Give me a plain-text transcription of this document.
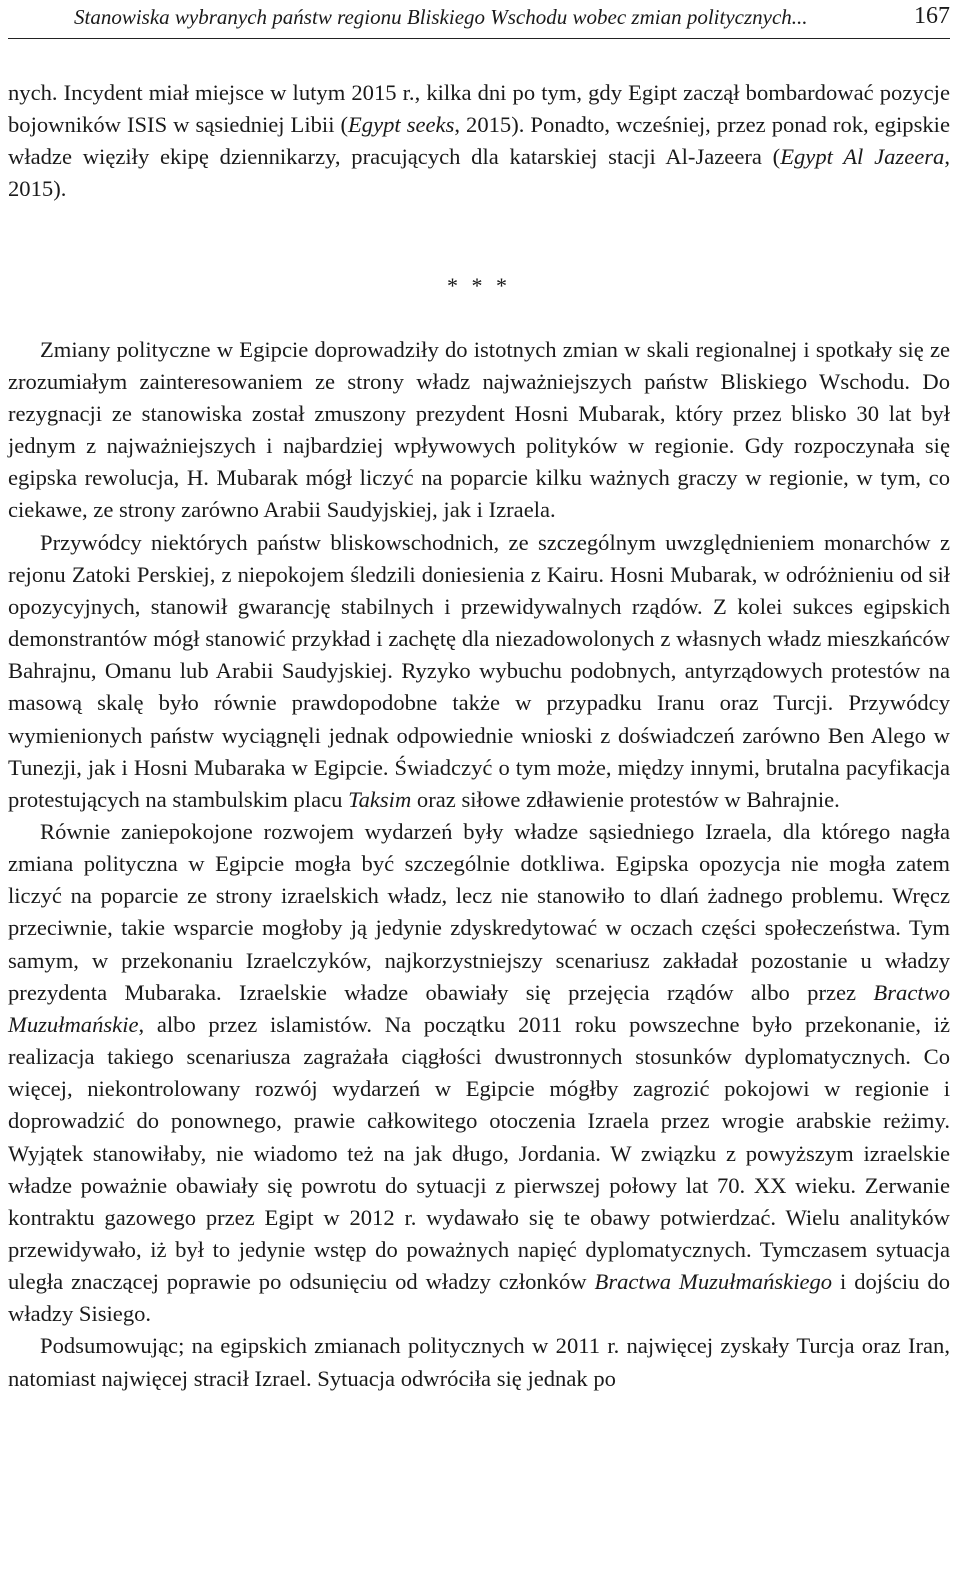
Stanowiska wybranych państw regionu Bliskiego Wschodu wobec zmian politycznych...	167

nych. Incydent miał miejsce w lutym 2015 r., kilka dni po tym, gdy Egipt zaczął bombardować pozycje bojowników ISIS w sąsiedniej Libii (Egypt seeks, 2015). Ponadto, wcześniej, przez ponad rok, egipskie władze więziły ekipę dziennikarzy, pracujących dla katarskiej stacji Al-Jazeera (Egypt Al Jazeera, 2015).

* * *

Zmiany polityczne w Egipcie doprowadziły do istotnych zmian w skali regionalnej i spotkały się ze zrozumiałym zainteresowaniem ze strony władz najważniejszych państw Bliskiego Wschodu. Do rezygnacji ze stanowiska został zmuszony prezydent Hosni Mubarak, który przez blisko 30 lat był jednym z najważniejszych i najbardziej wpływowych polityków w regionie. Gdy rozpoczynała się egipska rewolucja, H. Mubarak mógł liczyć na poparcie kilku ważnych graczy w regionie, w tym, co ciekawe, ze strony zarówno Arabii Saudyjskiej, jak i Izraela.

Przywódcy niektórych państw bliskowschodnich, ze szczególnym uwzględnieniem monarchów z rejonu Zatoki Perskiej, z niepokojem śledzili doniesienia z Kairu. Hosni Mubarak, w odróżnieniu od sił opozycyjnych, stanowił gwarancję stabilnych i przewidywalnych rządów. Z kolei sukces egipskich demonstrantów mógł stanowić przykład i zachętę dla niezadowolonych z własnych władz mieszkańców Bahrajnu, Omanu lub Arabii Saudyjskiej. Ryzyko wybuchu podobnych, antyrządowych protestów na masową skalę było równie prawdopodobne także w przypadku Iranu oraz Turcji. Przywódcy wymienionych państw wyciągnęli jednak odpowiednie wnioski z doświadczeń zarówno Ben Alego w Tunezji, jak i Hosni Mubaraka w Egipcie. Świadczyć o tym może, między innymi, brutalna pacyfikacja protestujących na stambulskim placu Taksim oraz siłowe zdławienie protestów w Bahrajnie.

Równie zaniepokojone rozwojem wydarzeń były władze sąsiedniego Izraela, dla którego nagła zmiana polityczna w Egipcie mogła być szczególnie dotkliwa. Egipska opozycja nie mogła zatem liczyć na poparcie ze strony izraelskich władz, lecz nie stanowiło to dlań żadnego problemu. Wręcz przeciwnie, takie wsparcie mogłoby ją jedynie zdyskredytować w oczach części społeczeństwa. Tym samym, w przekonaniu Izraelczyków, najkorzystniejszy scenariusz zakładał pozostanie u władzy prezydenta Mubaraka. Izraelskie władze obawiały się przejęcia rządów albo przez Bractwo Muzułmańskie, albo przez islamistów. Na początku 2011 roku powszechne było przekonanie, iż realizacja takiego scenariusza zagrażała ciągłości dwustronnych stosunków dyplomatycznych. Co więcej, niekontrolowany rozwój wydarzeń w Egipcie mógłby zagrozić pokojowi w regionie i doprowadzić do ponownego, prawie całkowitego otoczenia Izraela przez wrogie arabskie reżimy. Wyjątek stanowiłaby, nie wiadomo też na jak długo, Jordania. W związku z powyższym izraelskie władze poważnie obawiały się powrotu do sytuacji z pierwszej połowy lat 70. XX wieku. Zerwanie kontraktu gazowego przez Egipt w 2012 r. wydawało się te obawy potwierdzać. Wielu analityków przewidywało, iż był to jedynie wstęp do poważnych napięć dyplomatycznych. Tymczasem sytuacja uległa znaczącej poprawie po odsunięciu od władzy członków Bractwa Muzułmańskiego i dojściu do władzy Sisiego.

Podsumowując; na egipskich zmianach politycznych w 2011 r. najwięcej zyskały Turcja oraz Iran, natomiast najwięcej stracił Izrael. Sytuacja odwróciła się jednak po
